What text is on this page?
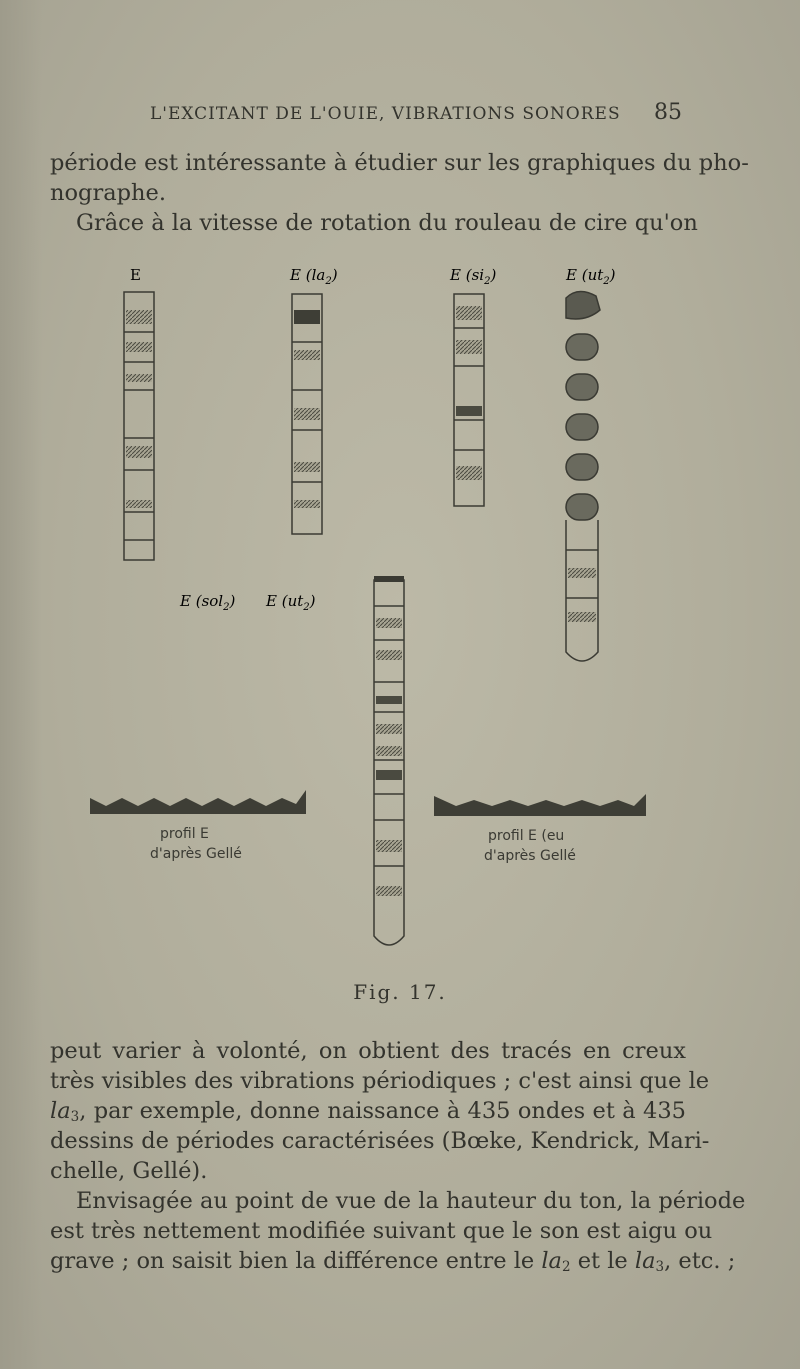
L'EXCITANT DE L'OUIE, VIBRATIONS SONORES 85
période est intéressante à étudier sur les graphiques du pho-
nographe.
Grâce à la vitesse de rotation du rouleau de cire qu'on
E	E $(la_2)$	E $(si_2)$	E $(ut_2)$
E (sol$_2$) E $(ut_2)$
profil E
d'après Gellé
profil E (eu
d'après Gellé
Fig. 17.
peut varier à volonté, on obtient des tracés en creux
très visibles des vibrations périodiques ; c'est ainsi que le
$la_3$, par exemple, donne naissance à 435 ondes et à 435
dessins de périodes caractérisées (Bœke, Kendrick, Mari-
chelle, Gellé).
Envisagée au point de vue de la hauteur du ton, la période
est très nettement modifiée suivant que le son est aigu ou
grave ; on saisit bien la différence entre le $la_2$ et le $la_3$, etc. ;
